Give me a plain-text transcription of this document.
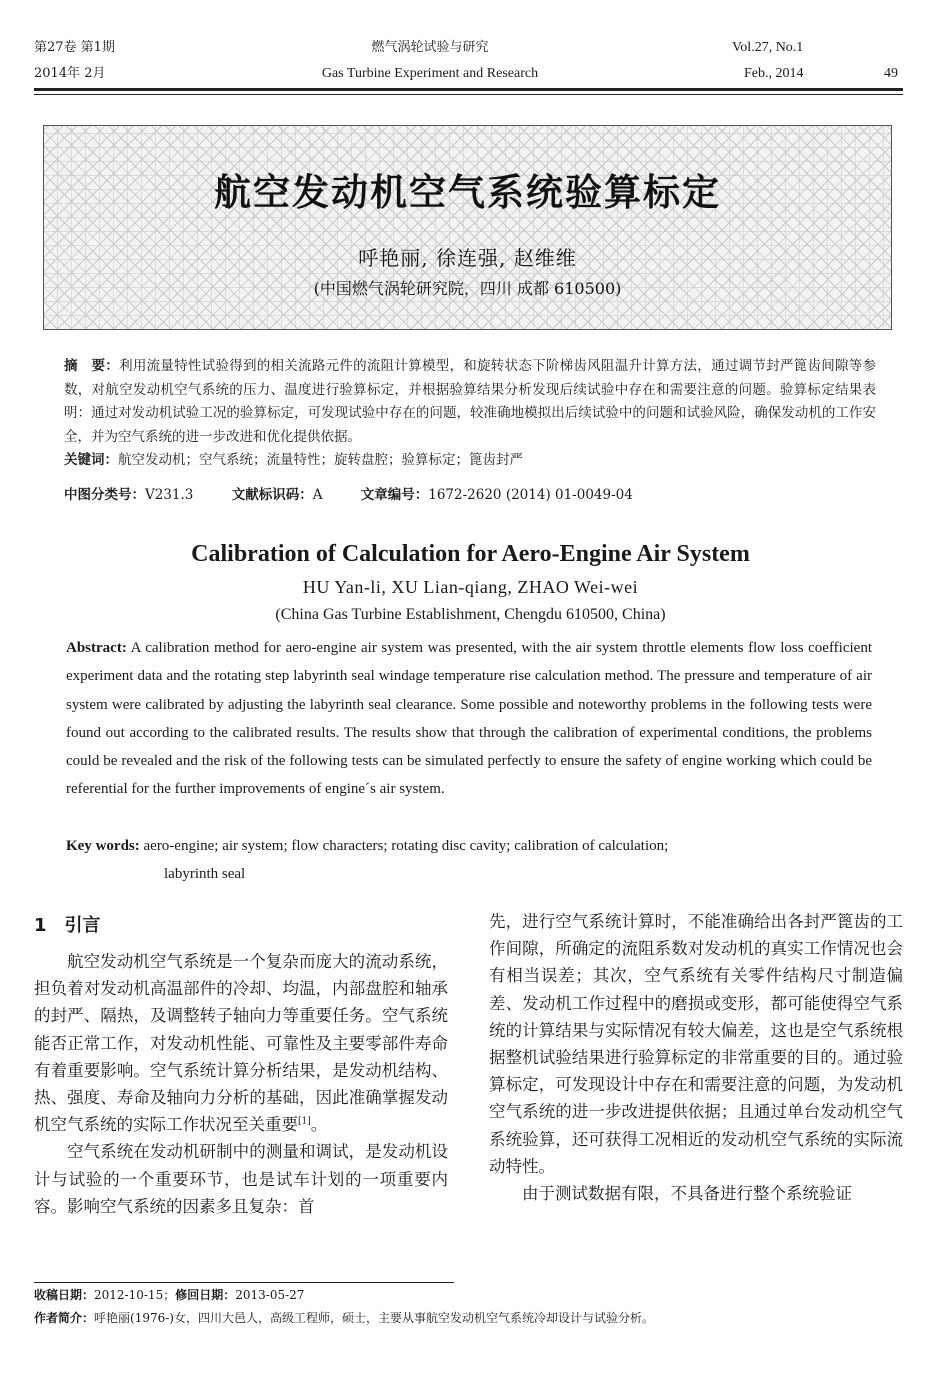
第27卷 第1期
2014年 2月
燃气涡轮试验与研究
Gas Turbine Experiment and Research
Vol.27, No.1
Feb., 2014	49
航空发动机空气系统验算标定
呼艳丽, 徐连强, 赵维维
(中国燃气涡轮研究院，四川 成都 610500)

摘　要：利用流量特性试验得到的相关流路元件的流阻计算模型，和旋转状态下阶梯齿风阻温升计算方法，通过调节封严篦齿间隙等参数，对航空发动机空气系统的压力、温度进行验算标定，并根据验算结果分析发现后续试验中存在和需要注意的问题。验算标定结果表明：通过对发动机试验工况的验算标定，可发现试验中存在的问题，较准确地模拟出后续试验中的问题和试验风险，确保发动机的工作安全，并为空气系统的进一步改进和优化提供依据。

关键词：航空发动机；空气系统；流量特性；旋转盘腔；验算标定；篦齿封严

中图分类号：V231.3	文献标识码：A	文章编号：1672-2620 (2014) 01-0049-04
Calibration of Calculation for Aero-Engine Air System
HU Yan-li, XU Lian-qiang, ZHAO Wei-wei
(China Gas Turbine Establishment, Chengdu 610500, China)
Abstract: A calibration method for aero-engine air system was presented, with the air system throttle elements flow loss coefficient experiment data and the rotating step labyrinth seal windage temperature rise calculation method. The pressure and temperature of air system were calibrated by adjusting the labyrinth seal clearance. Some possible and noteworthy problems in the following tests were found out according to the calibrated results. The results show that through the calibration of experimental conditions, the problems could be revealed and the risk of the following tests can be simulated perfectly to ensure the safety of engine working which could be referential for the further improvements of engine´s air system.
Key words: aero-engine; air system; flow characters; rotating disc cavity; calibration of calculation;
labyrinth seal
1　引言

航空发动机空气系统是一个复杂而庞大的流动系统，担负着对发动机高温部件的冷却、均温，内部盘腔和轴承的封严、隔热，及调整转子轴向力等重要任务。空气系统能否正常工作，对发动机性能、可靠性及主要零部件寿命有着重要影响。空气系统计算分析结果，是发动机结构、热、强度、寿命及轴向力分析的基础，因此准确掌握发动机空气系统的实际工作状况至关重要[1]。

空气系统在发动机研制中的测量和调试，是发动机设计与试验的一个重要环节，也是试车计划的一项重要内容。影响空气系统的因素多且复杂：首

先，进行空气系统计算时，不能准确给出各封严篦齿的工作间隙，所确定的流阻系数对发动机的真实工作情况也会有相当误差；其次，空气系统有关零件结构尺寸制造偏差、发动机工作过程中的磨损或变形，都可能使得空气系统的计算结果与实际情况有较大偏差，这也是空气系统根据整机试验结果进行验算标定的非常重要的目的。通过验算标定，可发现设计中存在和需要注意的问题，为发动机空气系统的进一步改进提供依据；且通过单台发动机空气系统验算，还可获得工况相近的发动机空气系统的实际流动特性。

由于测试数据有限，不具备进行整个系统验证

收稿日期：2012-10-15；修回日期：2013-05-27
作者简介：呼艳丽(1976-)女，四川大邑人，高级工程师，硕士，主要从事航空发动机空气系统冷却设计与试验分析。
